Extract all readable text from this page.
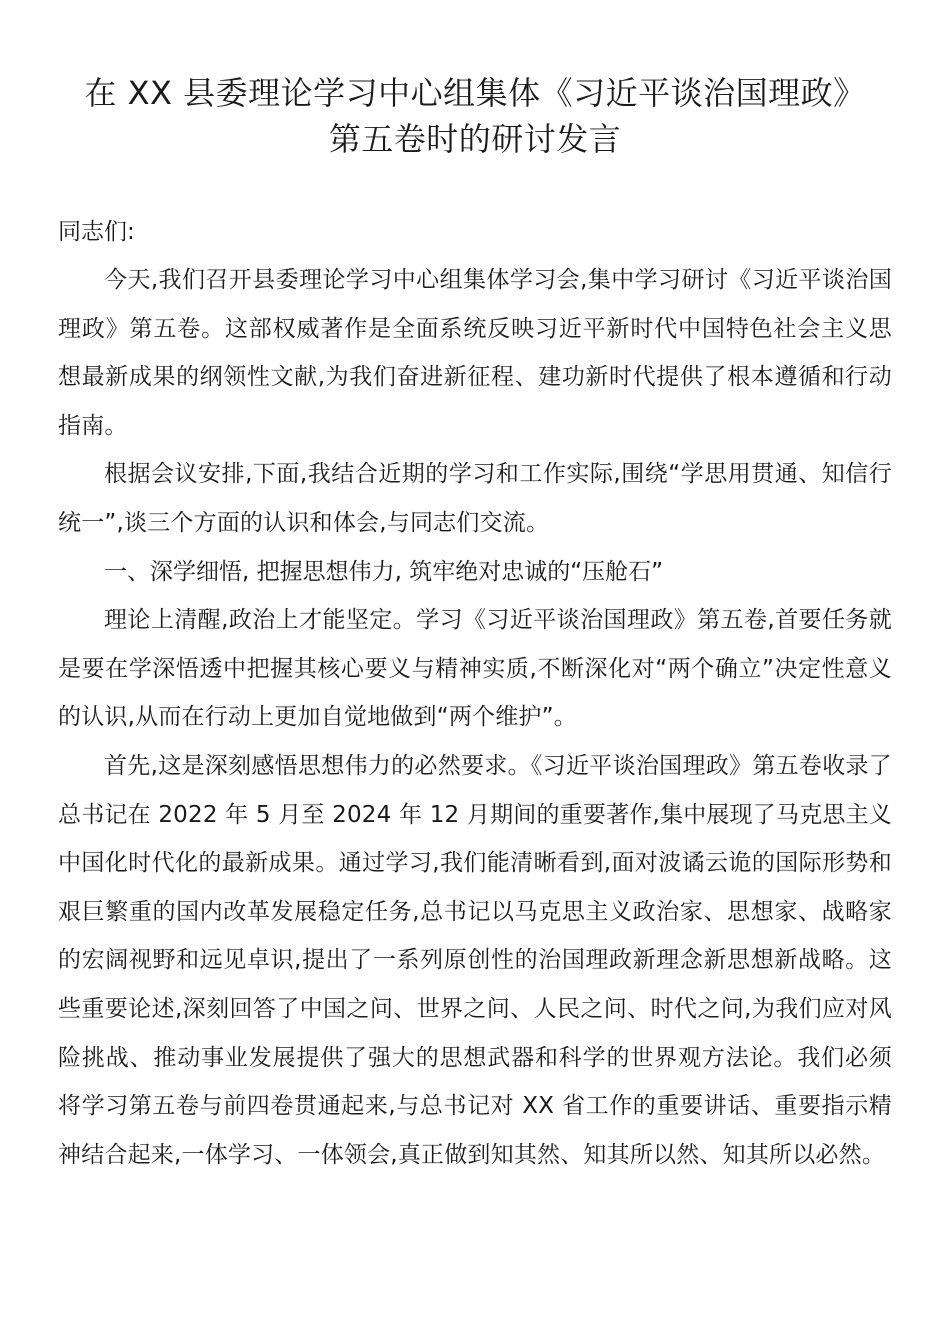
在 XX 县委理论学习中心组集体《习近平谈治国理政》
第五卷时的研讨发言
同志们:

今天,我们召开县委理论学习中心组集体学习会,集中学习研讨《习近平谈治国理政》第五卷。这部权威著作是全面系统反映习近平新时代中国特色社会主义思想最新成果的纲领性文献,为我们奋进新征程、建功新时代提供了根本遵循和行动指南。

根据会议安排,下面,我结合近期的学习和工作实际,围绕“学思用贯通、知信行统一”,谈三个方面的认识和体会,与同志们交流。

一、深学细悟, 把握思想伟力, 筑牢绝对忠诚的“压舱石”

理论上清醒,政治上才能坚定。学习《习近平谈治国理政》第五卷,首要任务就是要在学深悟透中把握其核心要义与精神实质,不断深化对“两个确立”决定性意义的认识,从而在行动上更加自觉地做到“两个维护”。

首先,这是深刻感悟思想伟力的必然要求。《习近平谈治国理政》第五卷收录了总书记在 2022 年 5 月至 2024 年 12 月期间的重要著作,集中展现了马克思主义中国化时代化的最新成果。通过学习,我们能清晰看到,面对波谲云诡的国际形势和艰巨繁重的国内改革发展稳定任务,总书记以马克思主义政治家、思想家、战略家的宏阔视野和远见卓识,提出了一系列原创性的治国理政新理念新思想新战略。这些重要论述,深刻回答了中国之问、世界之问、人民之问、时代之问,为我们应对风险挑战、推动事业发展提供了强大的思想武器和科学的世界观方法论。我们必须将学习第五卷与前四卷贯通起来,与总书记对 XX 省工作的重要讲话、重要指示精神结合起来,一体学习、一体领会,真正做到知其然、知其所以然、知其所以必然。
